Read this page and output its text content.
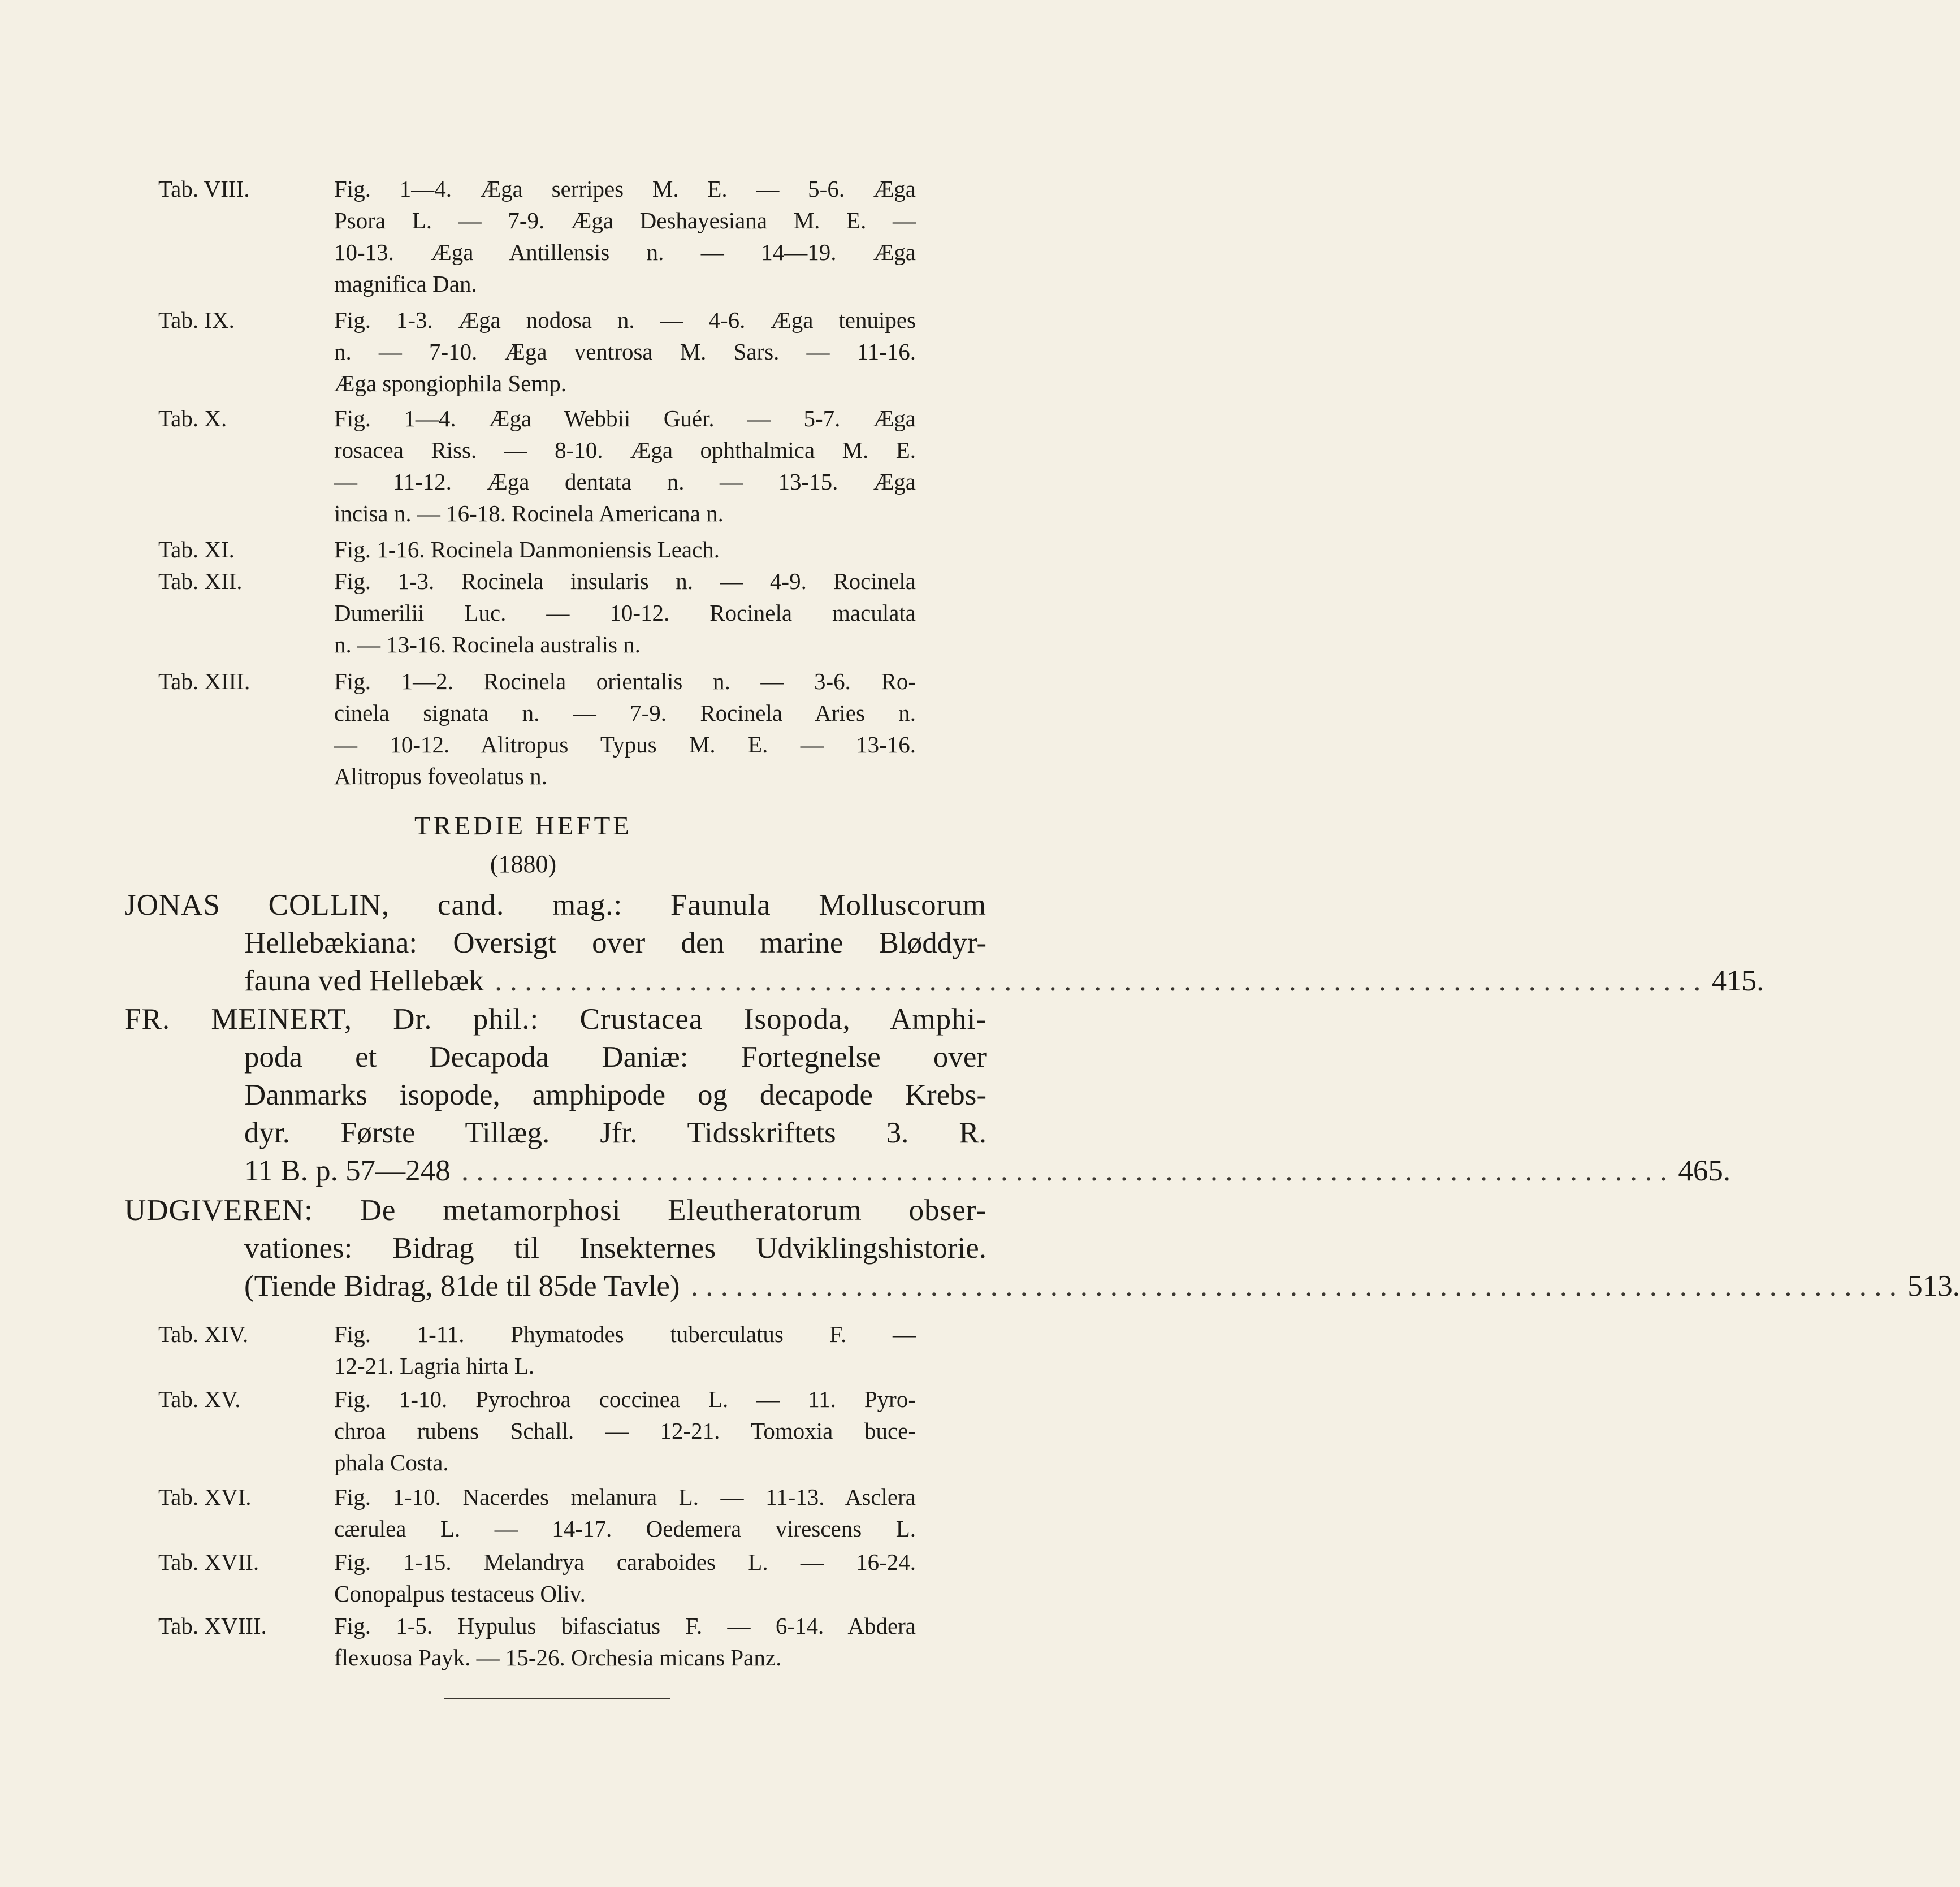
Tab. VIII.	Fig. 1—4. Æga serripes M. E. — 5-6. Æga
Psora L. — 7-9. Æga Deshayesiana M. E. —
10-13. Æga Antillensis n. — 14—19. Æga
magnifica Dan.
Tab. IX.	Fig. 1-3. Æga nodosa n. — 4-6. Æga tenuipes
n. — 7-10. Æga ventrosa M. Sars. — 11-16.
Æga spongiophila Semp.
Tab. X.	Fig. 1—4. Æga Webbii Guér. — 5-7. Æga
rosacea Riss. — 8-10. Æga ophthalmica M. E.
— 11-12. Æga dentata n. — 13-15. Æga
incisa n. — 16-18. Rocinela Americana n.
Tab. XI.	Fig. 1-16. Rocinela Danmoniensis Leach.
Tab. XII.	Fig. 1-3. Rocinela insularis n. — 4-9. Rocinela
Dumerilii Luc. — 10-12. Rocinela maculata
n. — 13-16. Rocinela australis n.
Tab. XIII.	Fig. 1—2. Rocinela orientalis n. — 3-6. Ro-
cinela signata n. — 7-9. Rocinela Aries n.
— 10-12. Alitropus Typus M. E. — 13-16.
Alitropus foveolatus n.
TREDIE HEFTE
(1880)
JONAS COLLIN, cand. mag.: Faunula Molluscorum
Hellebækiana: Oversigt over den marine Bløddyr-
fauna ved Hellebæk . . . . . . . . . . . . . . . . . . . . . . . . . . . . . . . . . . . . . . . . . . . . . . . . . . . . . . . . . . . . . . . . . . . . . . . . . . . . . . . . . 415.
FR. MEINERT, Dr. phil.: Crustacea Isopoda, Amphi-
poda et Decapoda Daniæ: Fortegnelse over
Danmarks isopode, amphipode og decapode Krebs-
dyr. Første Tillæg. Jfr. Tidsskriftets 3. R.
11 B. p. 57—248 . . . . . . . . . . . . . . . . . . . . . . . . . . . . . . . . . . . . . . . . . . . . . . . . . . . . . . . . . . . . . . . . . . . . . . . . . . . . . . . . . 465.
UDGIVEREN: De metamorphosi Eleutheratorum obser-
vationes: Bidrag til Insekternes Udviklingshistorie.
(Tiende Bidrag, 81de til 85de Tavle) . . . . . . . . . . . . . . . . . . . . . . . . . . . . . . . . . . . . . . . . . . . . . . . . . . . . . . . . . . . . . . . . . . . . . . . . . . . . . . . . . 513.
Tab. XIV.	Fig. 1-11. Phymatodes tuberculatus F. —
12-21. Lagria hirta L.
Tab. XV.	Fig. 1-10. Pyrochroa coccinea L. — 11. Pyro-
chroa rubens Schall. — 12-21. Tomoxia buce-
phala Costa.
Tab. XVI.	Fig. 1-10. Nacerdes melanura L. — 11-13. Asclera
cærulea L. — 14-17. Oedemera virescens L.
Tab. XVII.	Fig. 1-15. Melandrya caraboides L. — 16-24.
Conopalpus testaceus Oliv.
Tab. XVIII.	Fig. 1-5. Hypulus bifasciatus F. — 6-14. Abdera
flexuosa Payk. — 15-26. Orchesia micans Panz.
